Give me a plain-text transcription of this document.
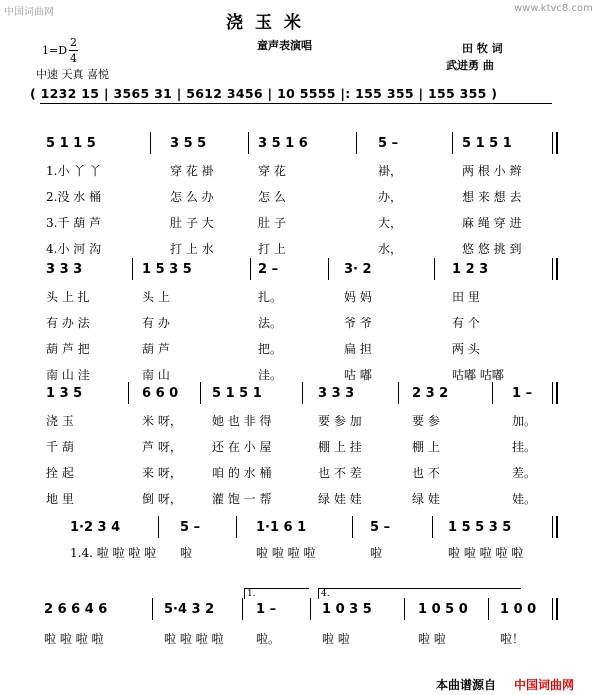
中国词曲网	www.ktvc8.com
浇玉米
童声表演唱
1=D
2
4
中速 天真 喜悦
田 牧 词
武进勇 曲
( 1232 15 | 3565 31 | 5612 3456 | 10 5555 |: 155 355 | 155 355 )
5 1 1 5	3 5 5	3 5 1 6	5 –	5 1 5 1
1.小 丫 丫	穿 花 褂	穿 花	褂，	两 根 小 辫
2.没 水 桶	怎 么 办	怎 么	办，	想 来 想 去
3.千 葫 芦	肚 子 大	肚 子	大，	麻 绳 穿 进
4.小 河 沟	打 上 水	打 上	水，	悠 悠 挑 到
3 3 3	1 5 3 5	2 –	3· 2	1 2 3
头 上 扎	头 上	扎。	妈 妈	田 里
有 办 法	有 办	法。	爷 爷	有 个
葫 芦 把	葫 芦	把。	扁 担	两 头
南 山 洼	南 山	洼。	咕 嘟	咕嘟 咕嘟
1 3 5	6 6 0	5 1 5 1	3 3 3	2 3 2	1 –
浇 玉	米 呀，	她 也 非 得	要 参 加	要 参	加。
千 葫	芦 呀，	还 在 小 屋	棚 上 挂	棚 上	挂。
拴 起	来 呀，	咱 的 水 桶	也 不 差	也 不	差。
地 里	倒 呀，	灌 饱 一 帮	绿 娃 娃	绿 娃	娃。
1·2 3 4	5 –	1·1 6 1	5 –	1 5 5 3 5
1.4. 啦 啦 啦 啦 啦	啦 啦 啦 啦	啦	啦 啦 啦 啦 啦
2 6 6 4 6	5·4 3 2	1 –	1 0 3 5	1 0 5 0 1 0 0
1.	4.
啦 啦 啦 啦	啦 啦 啦 啦	啦。	啦 啦	啦 啦	啦！
本曲谱源自 中国词曲网
